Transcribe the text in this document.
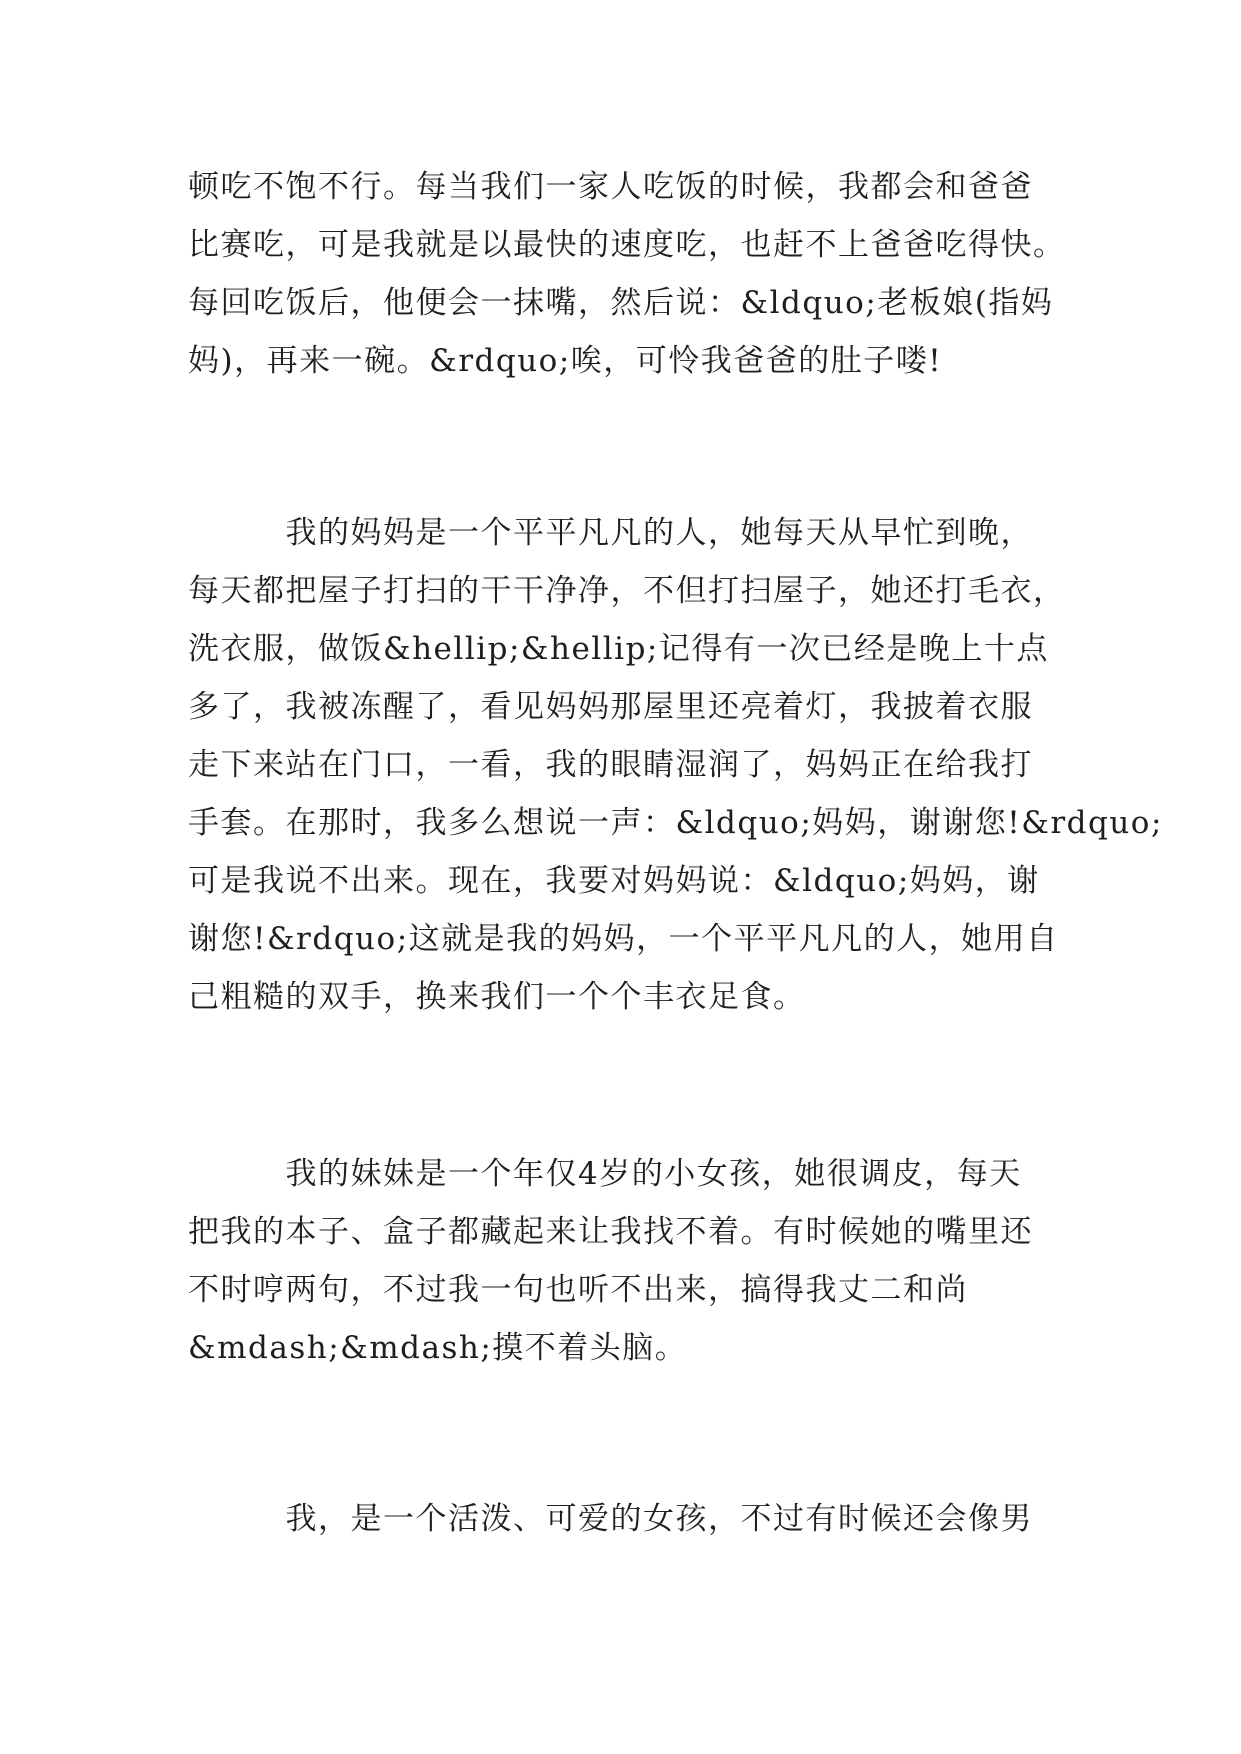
顿吃不饱不行。每当我们一家人吃饭的时候，我都会和爸爸
比赛吃，可是我就是以最快的速度吃，也赶不上爸爸吃得快。
每回吃饭后，他便会一抹嘴，然后说：&ldquo;老板娘(指妈
妈)，再来一碗。&rdquo;唉，可怜我爸爸的肚子喽!
　　　我的妈妈是一个平平凡凡的人，她每天从早忙到晚，
每天都把屋子打扫的干干净净，不但打扫屋子，她还打毛衣，
洗衣服，做饭&hellip;&hellip;记得有一次已经是晚上十点
多了，我被冻醒了，看见妈妈那屋里还亮着灯，我披着衣服
走下来站在门口，一看，我的眼睛湿润了，妈妈正在给我打
手套。在那时，我多么想说一声：&ldquo;妈妈，谢谢您!&rdquo;
可是我说不出来。现在，我要对妈妈说：&ldquo;妈妈，谢
谢您!&rdquo;这就是我的妈妈，一个平平凡凡的人，她用自
己粗糙的双手，换来我们一个个丰衣足食。
　　　我的妹妹是一个年仅4岁的小女孩，她很调皮，每天
把我的本子、盒子都藏起来让我找不着。有时候她的嘴里还
不时哼两句，不过我一句也听不出来，搞得我丈二和尚
&mdash;&mdash;摸不着头脑。
　　　我，是一个活泼、可爱的女孩，不过有时候还会像男
